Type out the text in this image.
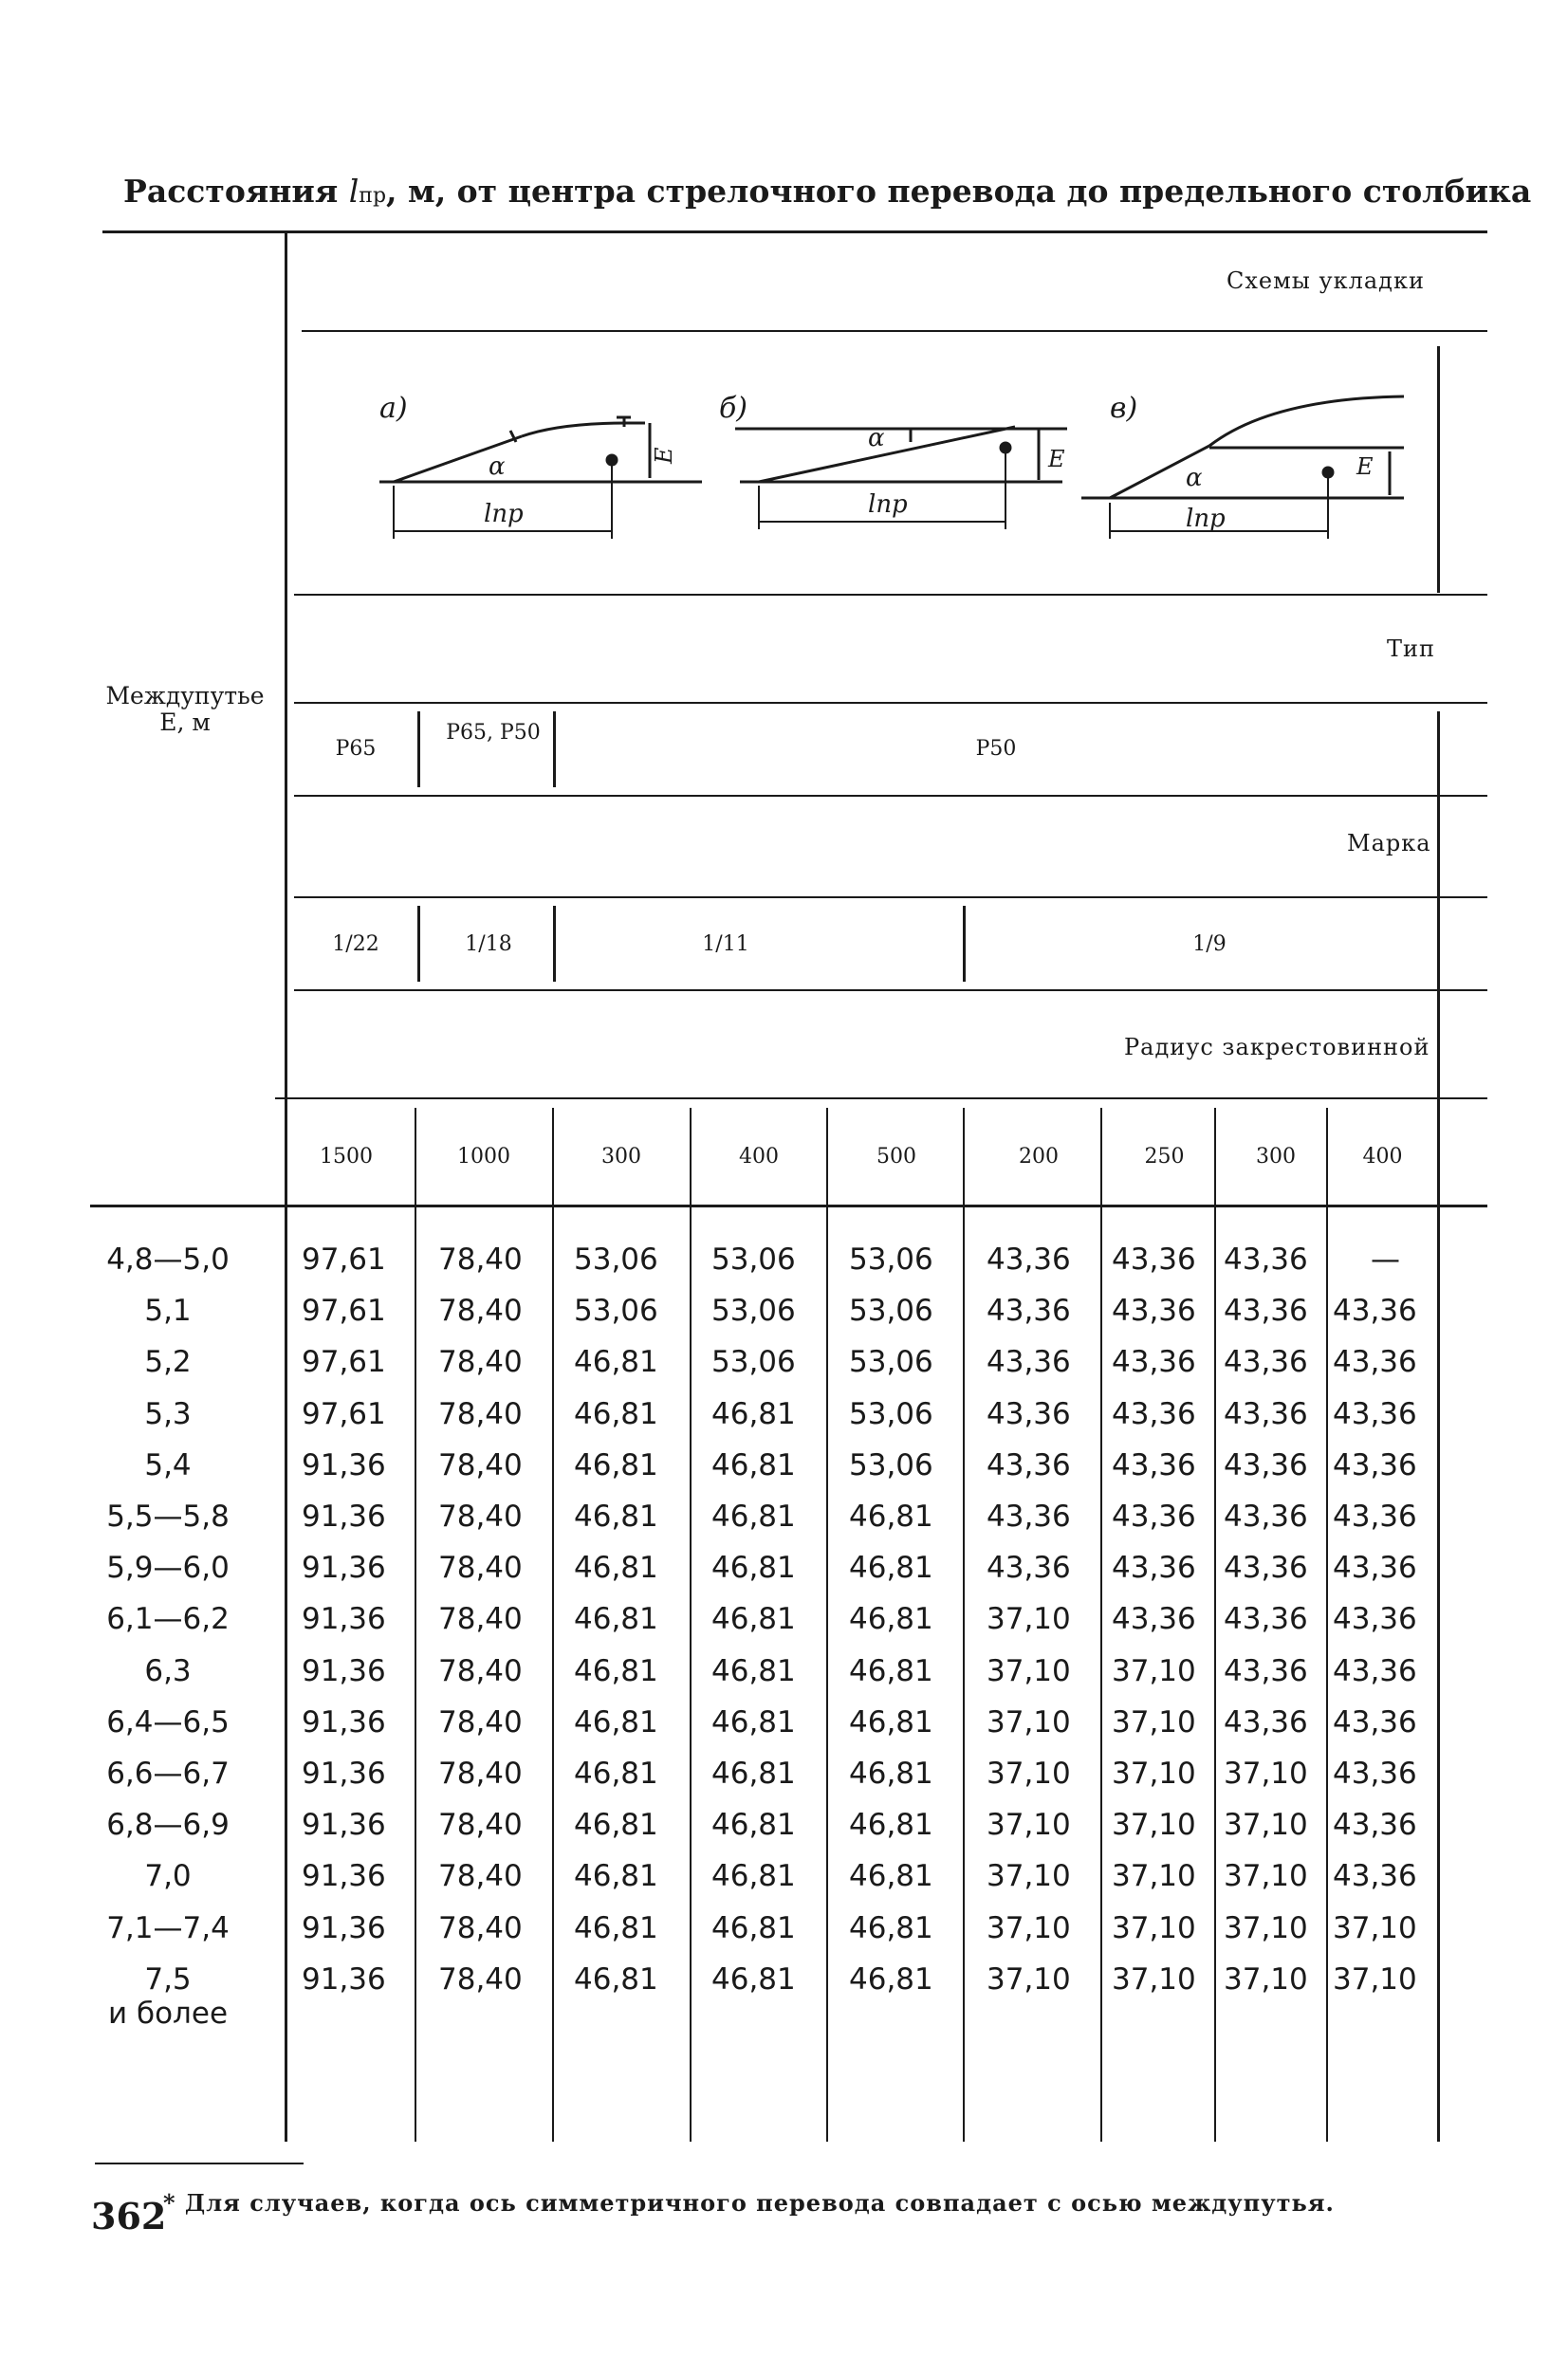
Расстояния lпр, м, от центра стрелочного перевода до предельного столбика
Схемы укладки
а)
α
lпр
E
б)
α
lпр
E
в)
α
lпр
E
Междупутье E, м
Тип
Р65
Р65, Р50
Р50
Марка
1/22	1/18	1/11	1/9
Радиус закрестовинной
1500	1000	300	400	500	200	250	300	400
4,8—5,0	97,61 78,40 53,06 53,06 53,06 43,36 43,36 43,36 —
5,1	97,61 78,40 53,06 53,06 53,06 43,36 43,36 43,36 43,36
5,2	97,61 78,40 46,81 53,06 53,06 43,36 43,36 43,36 43,36
5,3	97,61 78,40 46,81 46,81 53,06 43,36 43,36 43,36 43,36
5,4	91,36 78,40 46,81 46,81 53,06 43,36 43,36 43,36 43,36
5,5—5,8	91,36 78,40 46,81 46,81 46,81 43,36 43,36 43,36 43,36
5,9—6,0	91,36 78,40 46,81 46,81 46,81 43,36 43,36 43,36 43,36
6,1—6,2	91,36 78,40 46,81 46,81 46,81 37,10 43,36 43,36 43,36
6,3	91,36 78,40 46,81 46,81 46,81 37,10 37,10 43,36 43,36
6,4—6,5	91,36 78,40 46,81 46,81 46,81 37,10 37,10 43,36 43,36
6,6—6,7	91,36 78,40 46,81 46,81 46,81 37,10 37,10 37,10 43,36
6,8—6,9	91,36 78,40 46,81 46,81 46,81 37,10 37,10 37,10 43,36
7,0	91,36 78,40 46,81 46,81 46,81 37,10 37,10 37,10 43,36
7,1—7,4	91,36 78,40 46,81 46,81 46,81 37,10 37,10 37,10 37,10
7,5
и более
91,36 78,40 46,81 46,81 46,81 37,10 37,10 37,10 37,10
* Для случаев, когда ось симметричного перевода совпадает с осью междупутья.
362
